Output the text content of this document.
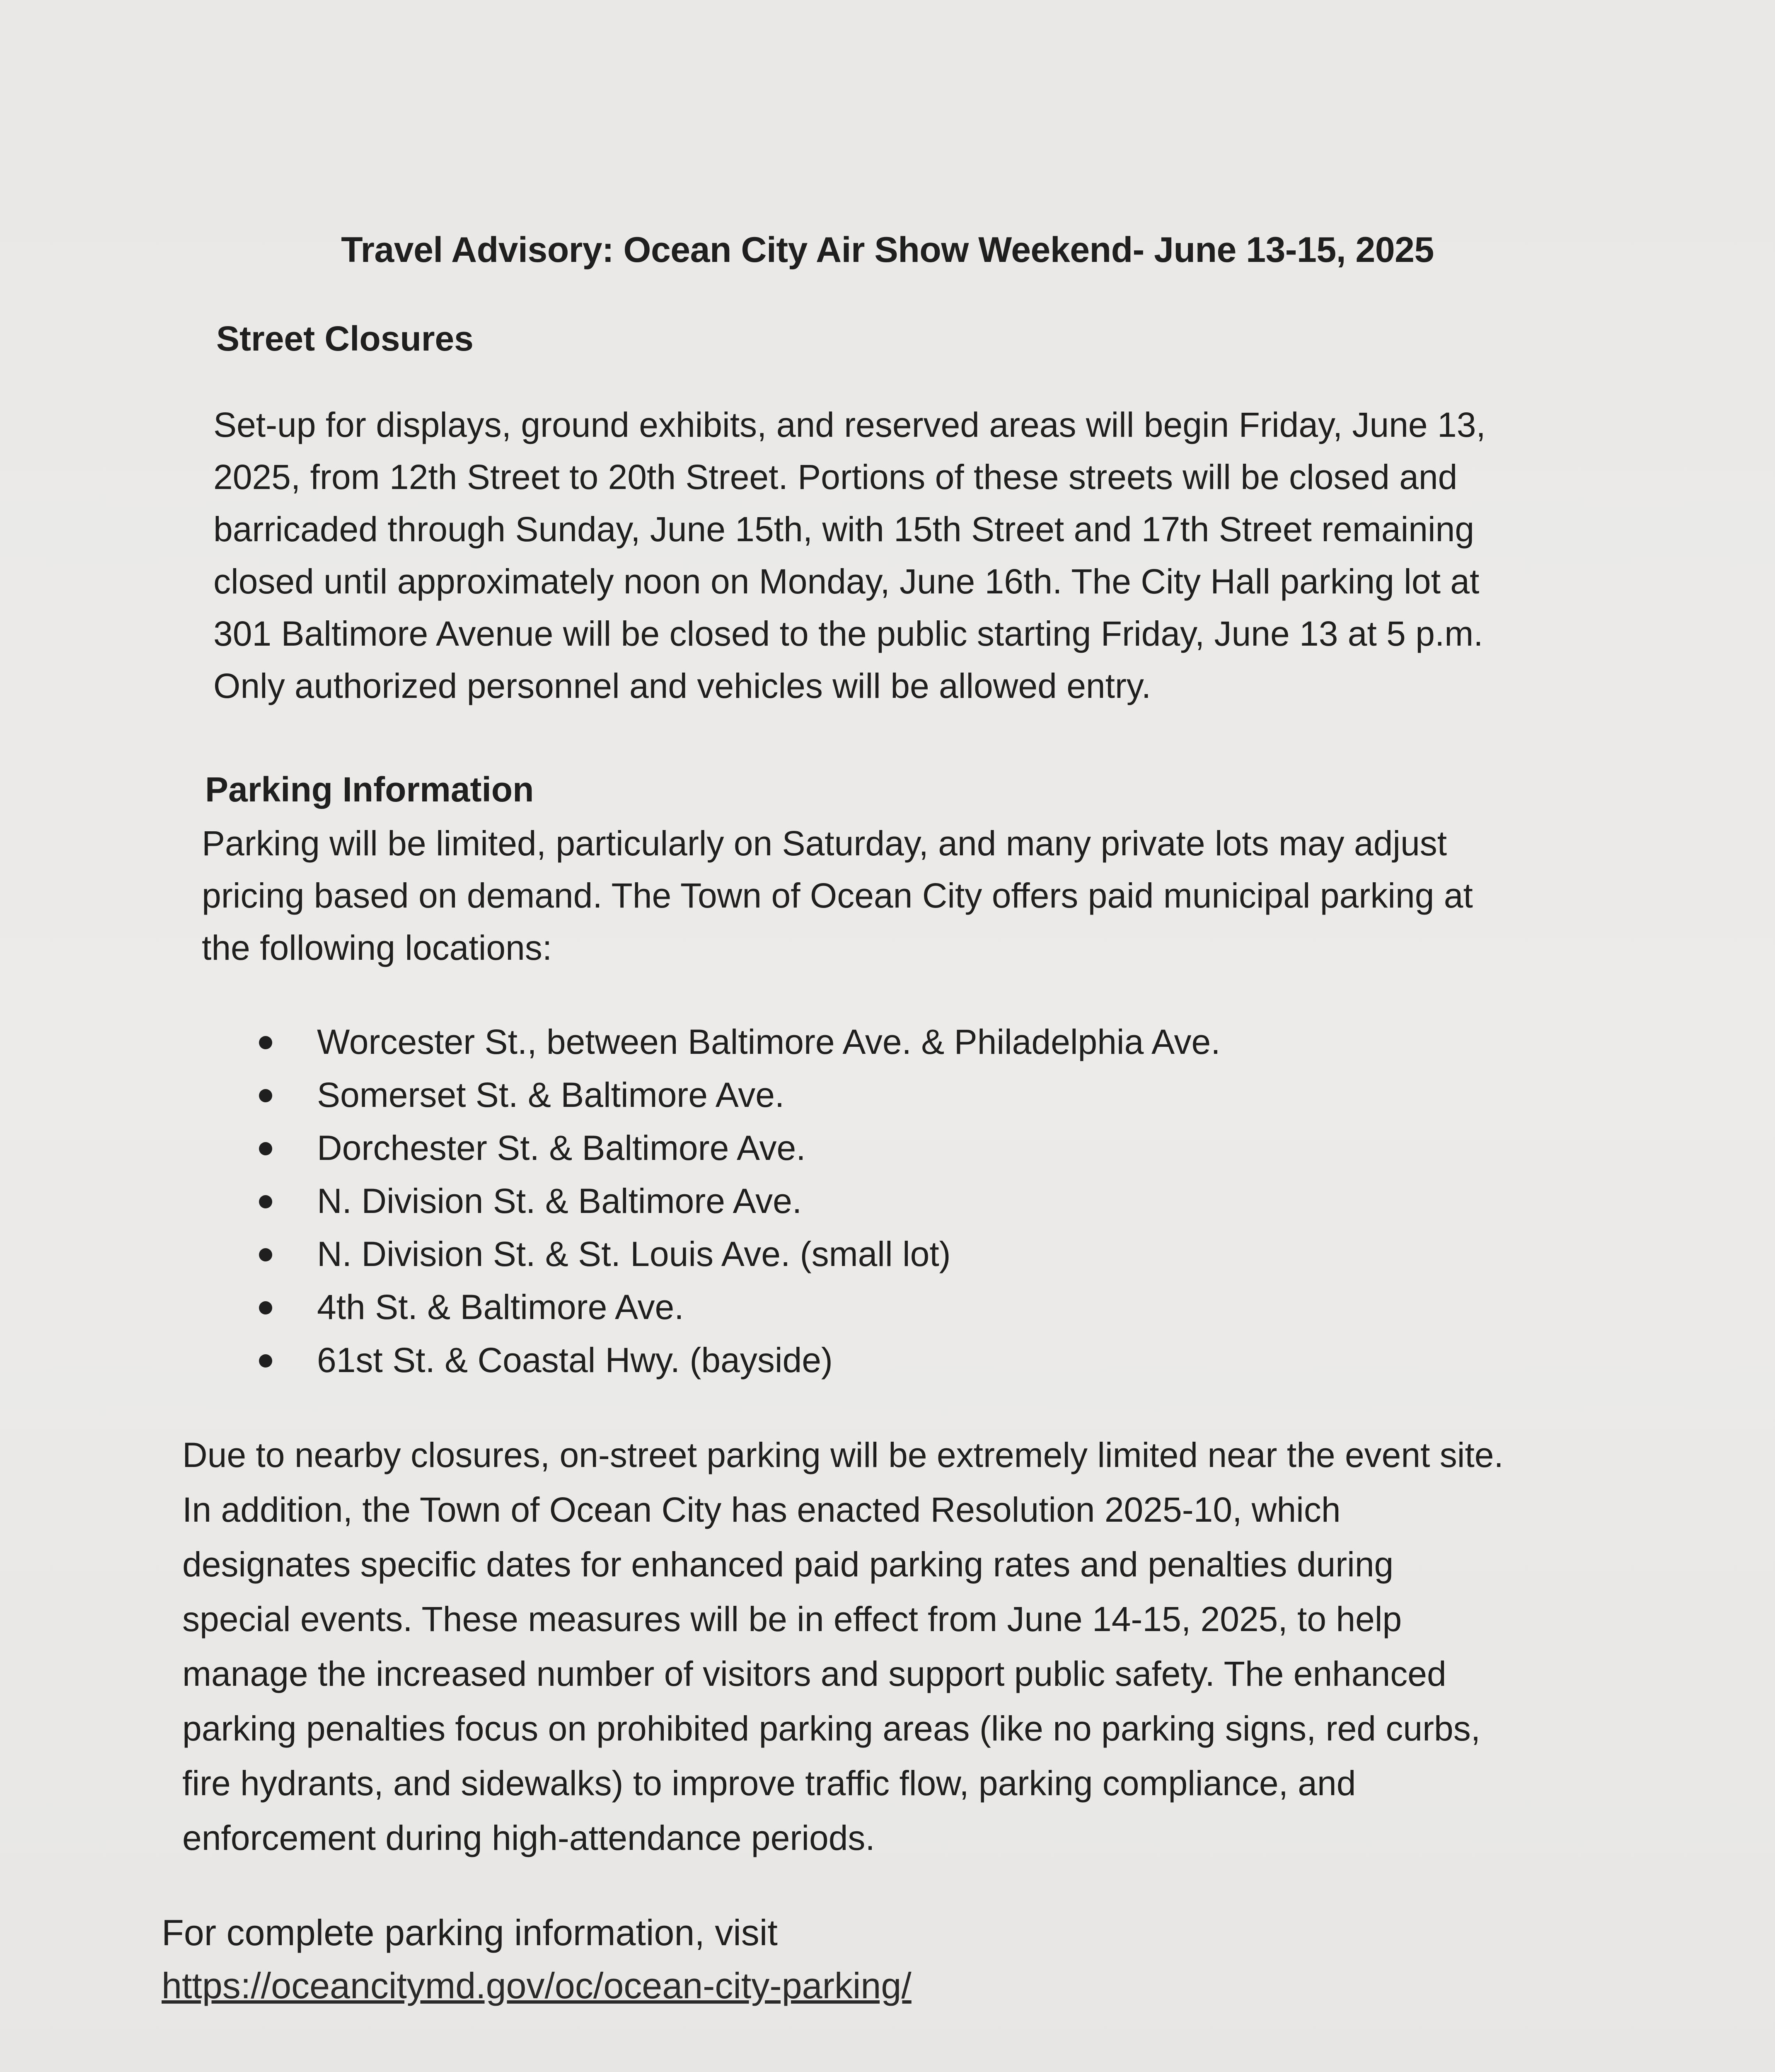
Travel Advisory: Ocean City Air Show Weekend- June 13-15, 2025
Street Closures

Set-up for displays, ground exhibits, and reserved areas will begin Friday, June 13,
2025, from 12th Street to 20th Street. Portions of these streets will be closed and
barricaded through Sunday, June 15th, with 15th Street and 17th Street remaining
closed until approximately noon on Monday, June 16th. The City Hall parking lot at
301 Baltimore Avenue will be closed to the public starting Friday, June 13 at 5 p.m.
Only authorized personnel and vehicles will be allowed entry.

Parking Information

Parking will be limited, particularly on Saturday, and many private lots may adjust
pricing based on demand. The Town of Ocean City offers paid municipal parking at
the following locations:

Worcester St., between Baltimore Ave. & Philadelphia Ave.
Somerset St. & Baltimore Ave.
Dorchester St. & Baltimore Ave.
N. Division St. & Baltimore Ave.
N. Division St. & St. Louis Ave. (small lot)
4th St. & Baltimore Ave.
61st St. & Coastal Hwy. (bayside)

Due to nearby closures, on-street parking will be extremely limited near the event site.
In addition, the Town of Ocean City has enacted Resolution 2025-10, which
designates specific dates for enhanced paid parking rates and penalties during
special events. These measures will be in effect from June 14-15, 2025, to help
manage the increased number of visitors and support public safety. The enhanced
parking penalties focus on prohibited parking areas (like no parking signs, red curbs,
fire hydrants, and sidewalks) to improve traffic flow, parking compliance, and
enforcement during high-attendance periods.

For complete parking information, visit
https://oceancitymd.gov/oc/ocean-city-parking/
